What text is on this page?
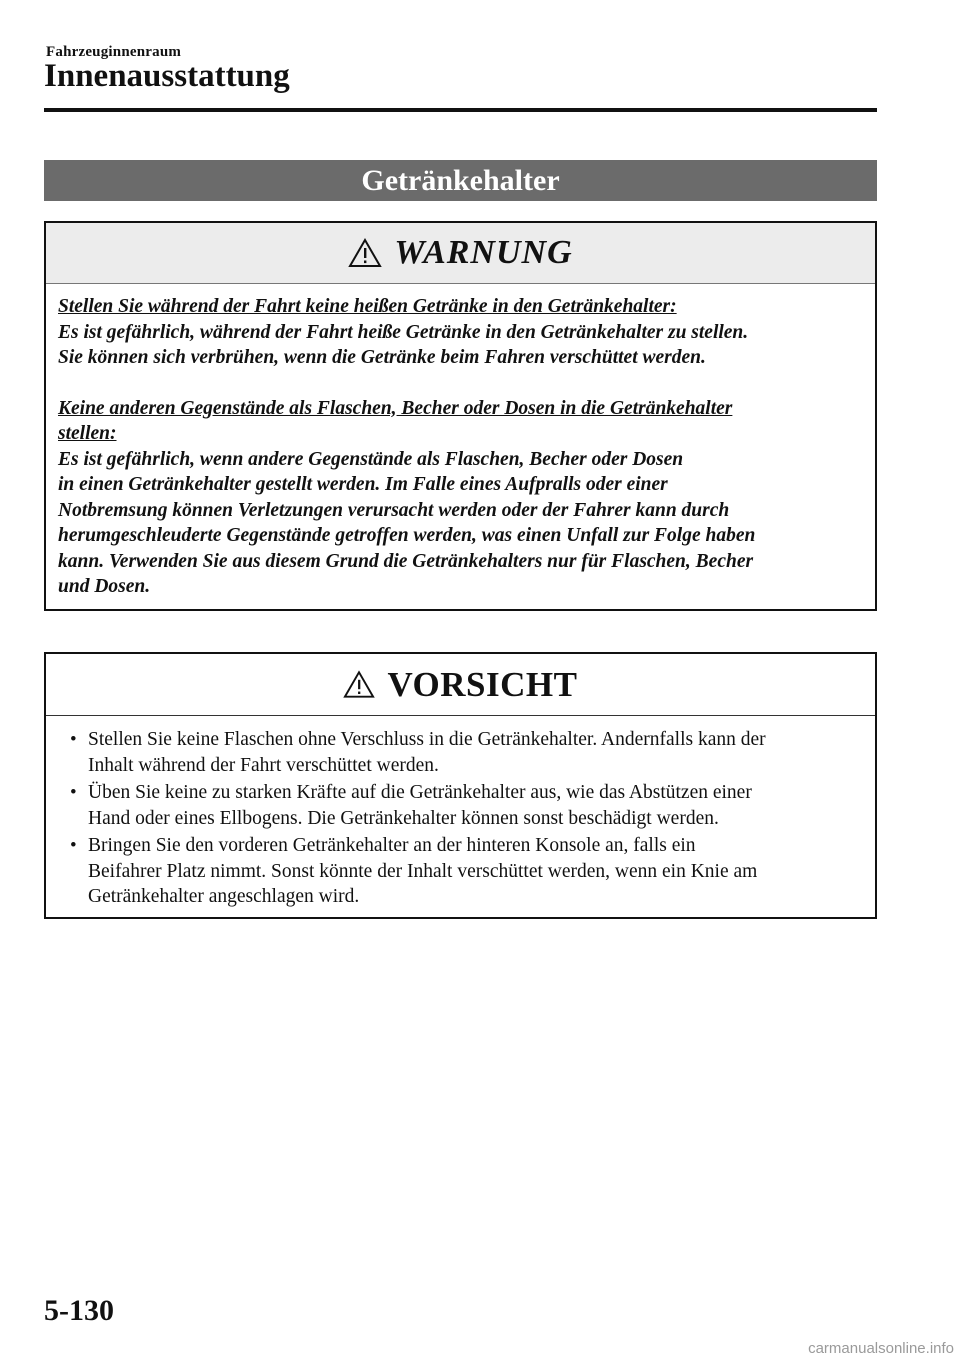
Fahrzeuginnenraum
Innenausstattung
Getränkehalter
WARNUNG

Stellen Sie während der Fahrt keine heißen Getränke in den Getränkehalter:

Es ist gefährlich, während der Fahrt heiße Getränke in den Getränkehalter zu stellen.

Sie können sich verbrühen, wenn die Getränke beim Fahren verschüttet werden.

Keine anderen Gegenstände als Flaschen, Becher oder Dosen in die Getränkehalter

stellen:

Es ist gefährlich, wenn andere Gegenstände als Flaschen, Becher oder Dosen

in einen Getränkehalter gestellt werden. Im Falle eines Aufpralls oder einer

Notbremsung können Verletzungen verursacht werden oder der Fahrer kann durch

herumgeschleuderte Gegenstände getroffen werden, was einen Unfall zur Folge haben

kann. Verwenden Sie aus diesem Grund die Getränkehalters nur für Flaschen, Becher

und Dosen.

VORSICHT
• Stellen Sie keine Flaschen ohne Verschluss in die Getränkehalter. Andernfalls kann der
Inhalt während der Fahrt verschüttet werden.
• Üben Sie keine zu starken Kräfte auf die Getränkehalter aus, wie das Abstützen einer
Hand oder eines Ellbogens. Die Getränkehalter können sonst beschädigt werden.
• Bringen Sie den vorderen Getränkehalter an der hinteren Konsole an, falls ein
Beifahrer Platz nimmt. Sonst könnte der Inhalt verschüttet werden, wenn ein Knie am
Getränkehalter angeschlagen wird.
5-130
carmanualsonline.info
